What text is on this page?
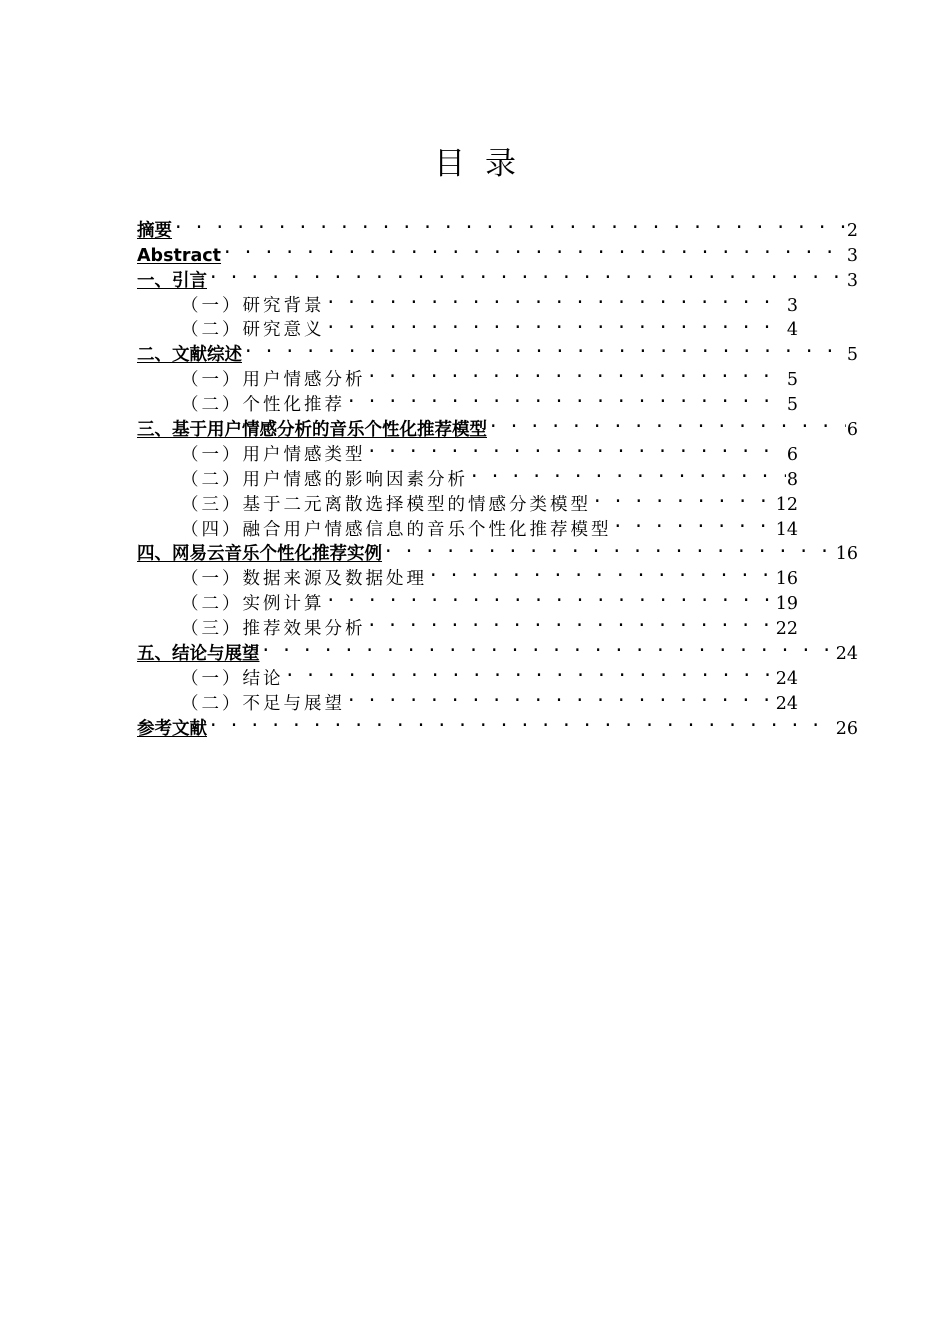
目录
摘要 . . .	2
Abstract . . .	3
一、引言 . . .	3
（一）研究背景 . . .	3
（二）研究意义 . . .	4
二、文献综述 . . .	5
（一）用户情感分析 . . .	5
（二）个性化推荐 . . .	5
三、基于用户情感分析的音乐个性化推荐模型 . . .	6
（一）用户情感类型 . . .	6
（二）用户情感的影响因素分析 . . .	8
（三）基于二元离散选择模型的情感分类模型 . . .	12
（四）融合用户情感信息的音乐个性化推荐模型 . . .	14
四、网易云音乐个性化推荐实例 . . .	16
（一）数据来源及数据处理 . . .	16
（二）实例计算 . . .	19
（三）推荐效果分析 . . .	22
五、结论与展望 . . .	24
（一）结论 . . .	24
（二）不足与展望 . . .	24
参考文献 . . .	26
